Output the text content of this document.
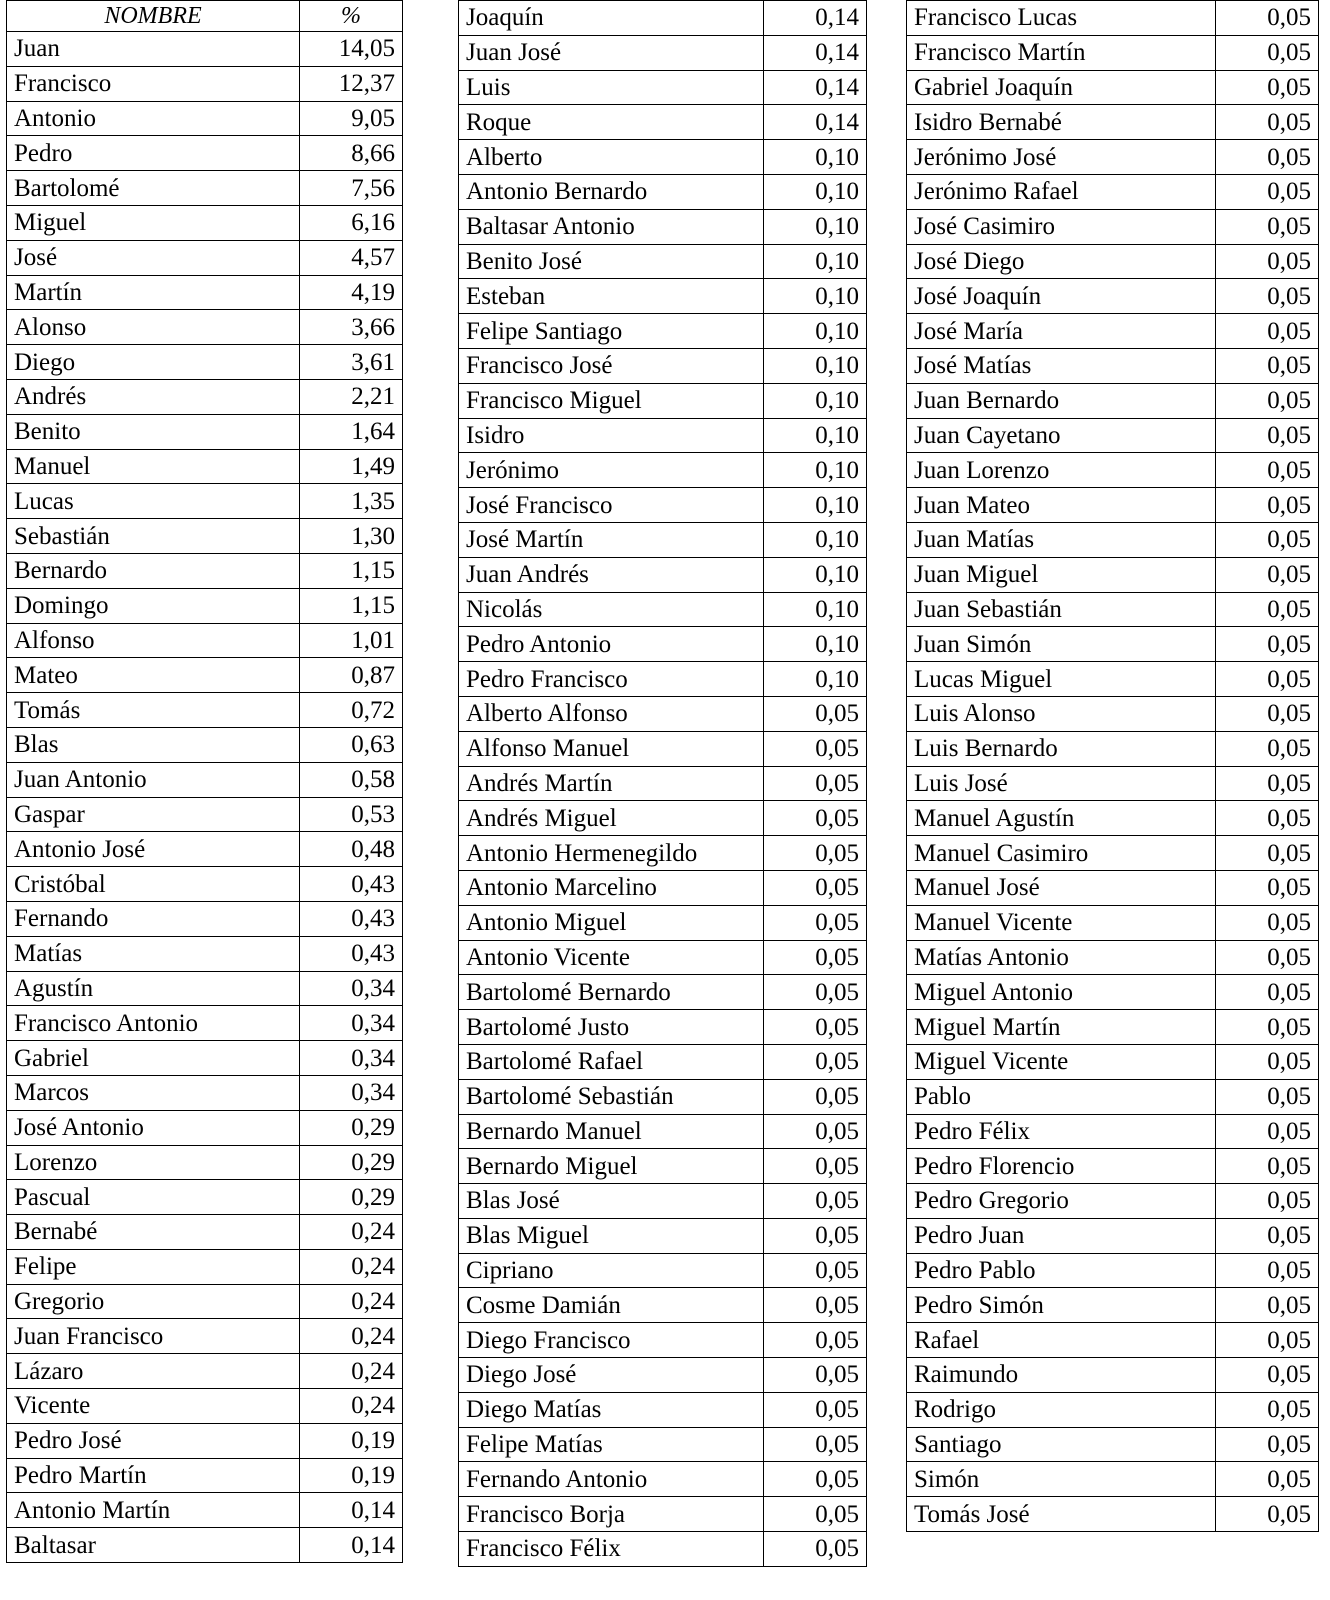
NOMBRE	%
Juan	14,05
Francisco	12,37
Antonio	9,05
Pedro	8,66
Bartolomé	7,56
Miguel	6,16
José	4,57
Martín	4,19
Alonso	3,66
Diego	3,61
Andrés	2,21
Benito	1,64
Manuel	1,49
Lucas	1,35
Sebastián	1,30
Bernardo	1,15
Domingo	1,15
Alfonso	1,01
Mateo	0,87
Tomás	0,72
Blas	0,63
Juan Antonio	0,58
Gaspar	0,53
Antonio José	0,48
Cristóbal	0,43
Fernando	0,43
Matías	0,43
Agustín	0,34
Francisco Antonio	0,34
Gabriel	0,34
Marcos	0,34
José Antonio	0,29
Lorenzo	0,29
Pascual	0,29
Bernabé	0,24
Felipe	0,24
Gregorio	0,24
Juan Francisco	0,24
Lázaro	0,24
Vicente	0,24
Pedro José	0,19
Pedro Martín	0,19
Antonio Martín	0,14
Baltasar	0,14
Joaquín	0,14
Juan José	0,14
Luis	0,14
Roque	0,14
Alberto	0,10
Antonio Bernardo	0,10
Baltasar Antonio	0,10
Benito José	0,10
Esteban	0,10
Felipe Santiago	0,10
Francisco José	0,10
Francisco Miguel	0,10
Isidro	0,10
Jerónimo	0,10
José Francisco	0,10
José Martín	0,10
Juan Andrés	0,10
Nicolás	0,10
Pedro Antonio	0,10
Pedro Francisco	0,10
Alberto Alfonso	0,05
Alfonso Manuel	0,05
Andrés Martín	0,05
Andrés Miguel	0,05
Antonio Hermenegildo	0,05
Antonio Marcelino	0,05
Antonio Miguel	0,05
Antonio Vicente	0,05
Bartolomé Bernardo	0,05
Bartolomé Justo	0,05
Bartolomé Rafael	0,05
Bartolomé Sebastián	0,05
Bernardo Manuel	0,05
Bernardo Miguel	0,05
Blas José	0,05
Blas Miguel	0,05
Cipriano	0,05
Cosme Damián	0,05
Diego Francisco	0,05
Diego José	0,05
Diego Matías	0,05
Felipe Matías	0,05
Fernando Antonio	0,05
Francisco Borja	0,05
Francisco Félix	0,05
Francisco Lucas	0,05
Francisco Martín	0,05
Gabriel Joaquín	0,05
Isidro Bernabé	0,05
Jerónimo José	0,05
Jerónimo Rafael	0,05
José Casimiro	0,05
José Diego	0,05
José Joaquín	0,05
José María	0,05
José Matías	0,05
Juan Bernardo	0,05
Juan Cayetano	0,05
Juan Lorenzo	0,05
Juan Mateo	0,05
Juan Matías	0,05
Juan Miguel	0,05
Juan Sebastián	0,05
Juan Simón	0,05
Lucas Miguel	0,05
Luis Alonso	0,05
Luis Bernardo	0,05
Luis José	0,05
Manuel Agustín	0,05
Manuel Casimiro	0,05
Manuel José	0,05
Manuel Vicente	0,05
Matías Antonio	0,05
Miguel Antonio	0,05
Miguel Martín	0,05
Miguel Vicente	0,05
Pablo	0,05
Pedro Félix	0,05
Pedro Florencio	0,05
Pedro Gregorio	0,05
Pedro Juan	0,05
Pedro Pablo	0,05
Pedro Simón	0,05
Rafael	0,05
Raimundo	0,05
Rodrigo	0,05
Santiago	0,05
Simón	0,05
Tomás José	0,05
